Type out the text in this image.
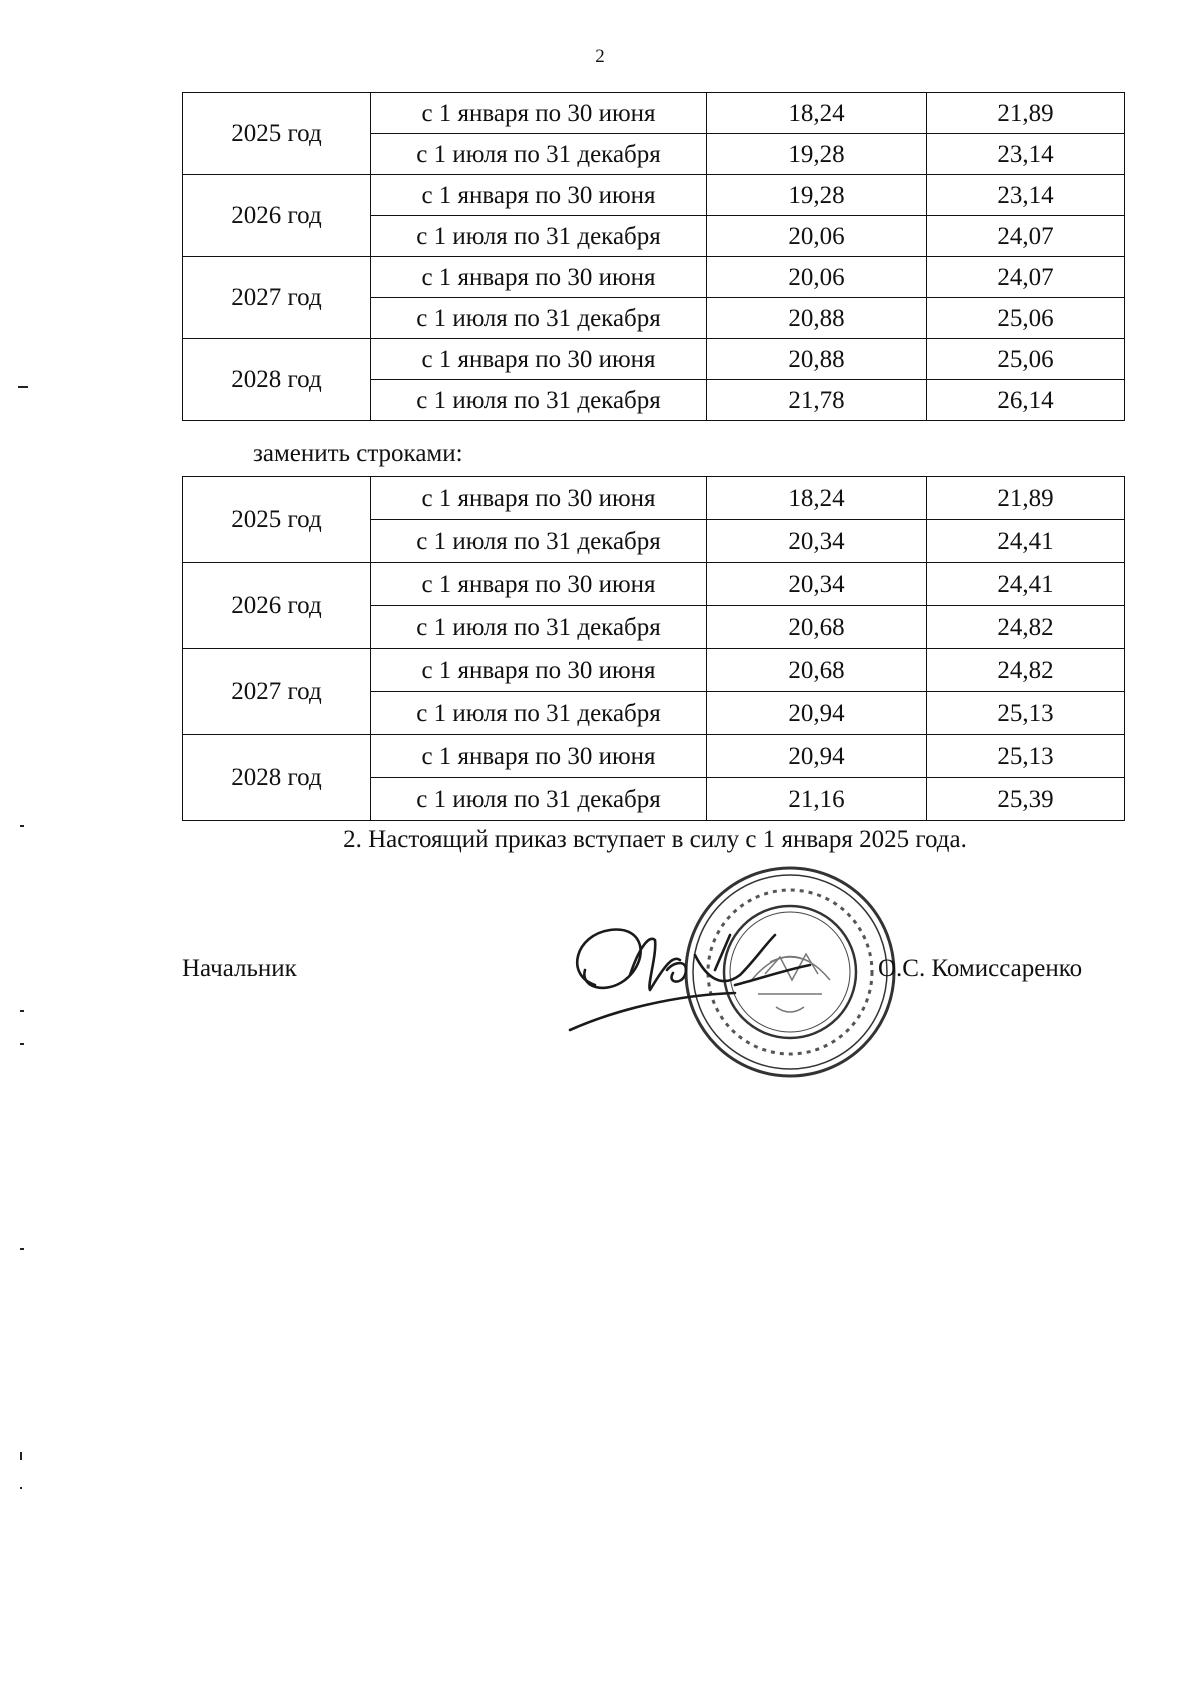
2
2025 год	с 1 января по 30 июня	18,24	21,89
	с 1 июля по 31 декабря	19,28	23,14
2026 год	с 1 января по 30 июня	19,28	23,14
	с 1 июля по 31 декабря	20,06	24,07
2027 год	с 1 января по 30 июня	20,06	24,07
	с 1 июля по 31 декабря	20,88	25,06
2028 год	с 1 января по 30 июня	20,88	25,06
	с 1 июля по 31 декабря	21,78	26,14
заменить строками:
2025 год	с 1 января по 30 июня	18,24	21,89
	с 1 июля по 31 декабря	20,34	24,41
2026 год	с 1 января по 30 июня	20,34	24,41
	с 1 июля по 31 декабря	20,68	24,82
2027 год	с 1 января по 30 июня	20,68	24,82
	с 1 июля по 31 декабря	20,94	25,13
2028 год	с 1 января по 30 июня	20,94	25,13
	с 1 июля по 31 декабря	21,16	25,39
2. Настоящий приказ вступает в силу с 1 января 2025 года.
Начальник	О.С. Комиссаренко
